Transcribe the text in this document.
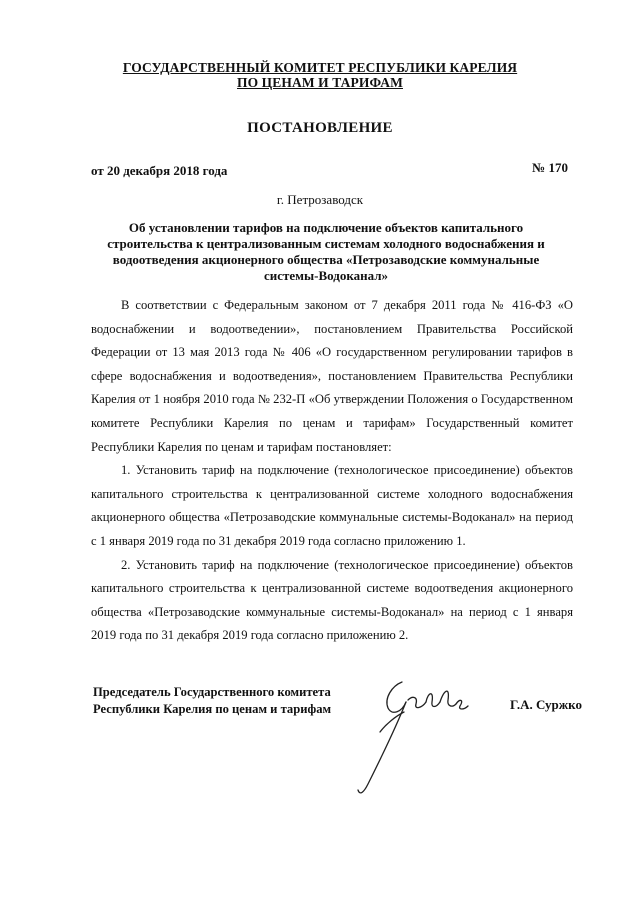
ГОСУДАРСТВЕННЫЙ КОМИТЕТ РЕСПУБЛИКИ КАРЕЛИЯ
ПО ЦЕНАМ И ТАРИФАМ
ПОСТАНОВЛЕНИЕ
от 20 декабря 2018 года	№ 170
г. Петрозаводск
Об установлении тарифов на подключение объектов капитального строительства к централизованным системам холодного водоснабжения и водоотведения акционерного общества «Петрозаводские коммунальные системы-Водоканал»

В соответствии с Федеральным законом от 7 декабря 2011 года № 416-ФЗ «О водоснабжении и водоотведении», постановлением Правительства Российской Федерации от 13 мая 2013 года № 406 «О государственном регулировании тарифов в сфере водоснабжения и водоотведения», постановлением Правительства Республики Карелия от 1 ноября 2010 года № 232-П «Об утверждении Положения о Государственном комитете Республики Карелия по ценам и тарифам» Государственный комитет Республики Карелия по ценам и тарифам постановляет:

1. Установить тариф на подключение (технологическое присоединение) объектов капитального строительства к централизованной системе холодного водоснабжения акционерного общества «Петрозаводские коммунальные системы-Водоканал» на период с 1 января 2019 года по 31 декабря 2019 года согласно приложению 1.

2. Установить тариф на подключение (технологическое присоединение) объектов капитального строительства к централизованной системе водоотведения акционерного общества «Петрозаводские коммунальные системы-Водоканал» на период с 1 января 2019 года по 31 декабря 2019 года согласно приложению 2.

Председатель Государственного комитета
Республики Карелия по ценам и тарифам	Г.А. Суржко
